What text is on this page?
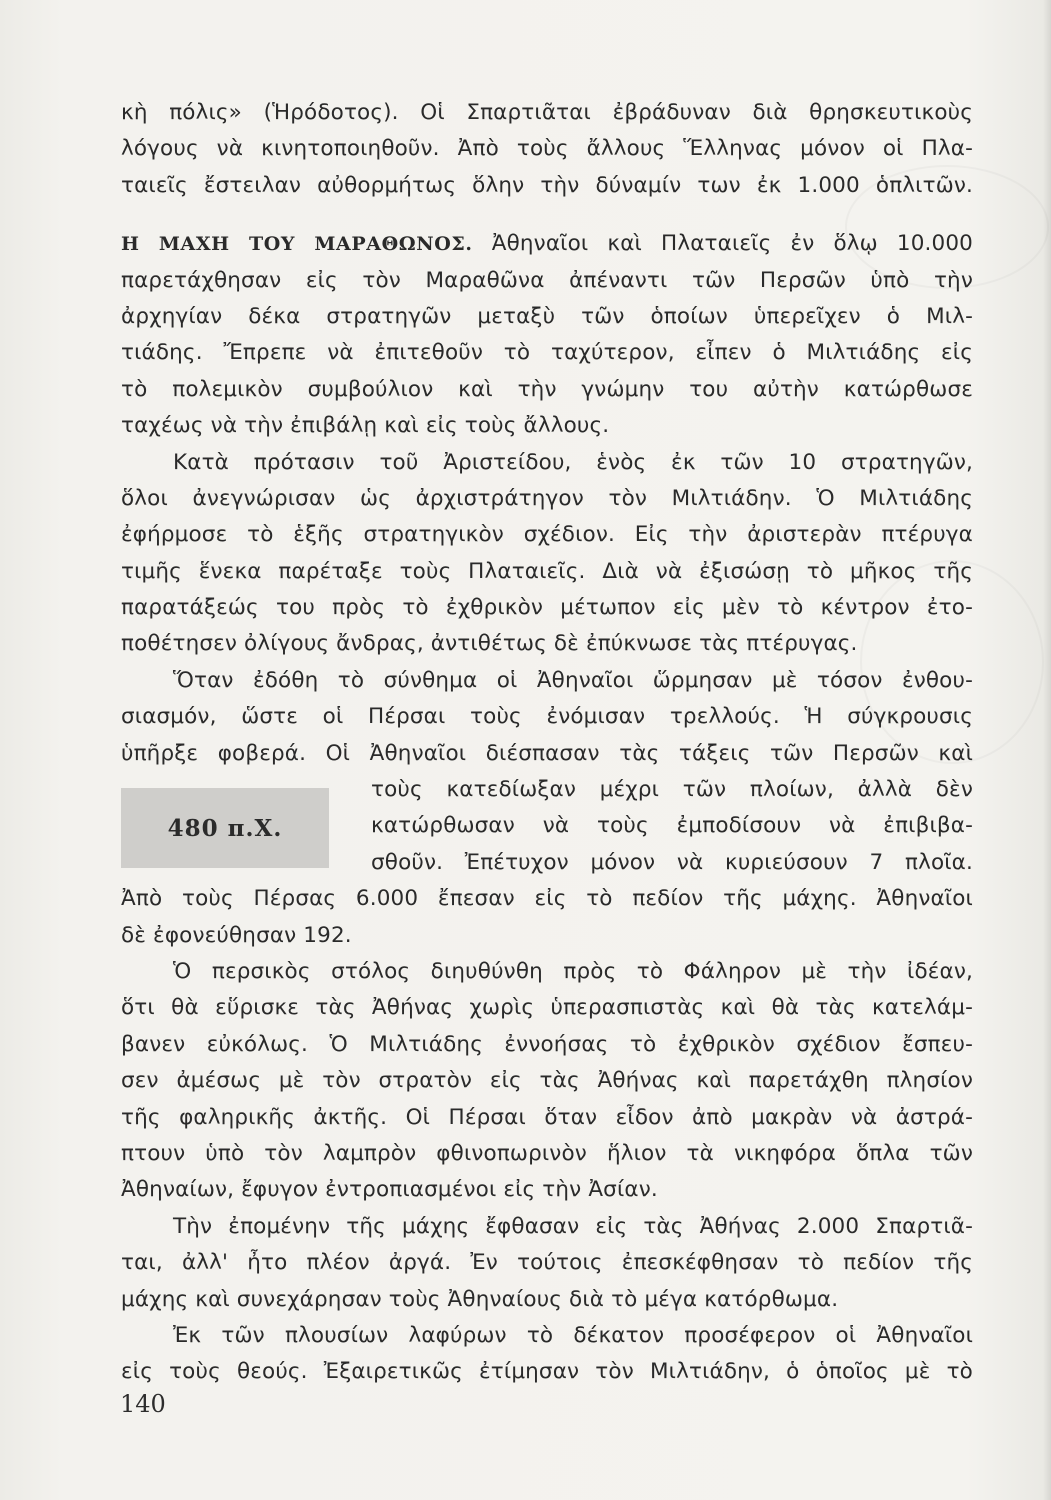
κὴ πόλις» (Ἡρόδοτος). Οἱ Σπαρτιᾶται ἐβράδυναν διὰ θρησκευτικοὺς
λόγους νὰ κινητοποιηθοῦν. Ἀπὸ τοὺς ἄλλους Ἕλληνας μόνον οἱ Πλα-
ταιεῖς ἔστειλαν αὐθορμήτως ὅλην τὴν δύναμίν των ἐκ 1.000 ὁπλιτῶν.
Η ΜΑΧΗ ΤΟΥ ΜΑΡΑΘΩΝΟΣ. Ἀθηναῖοι καὶ Πλαταιεῖς ἐν ὅλῳ 10.000
παρετάχθησαν εἰς τὸν Μαραθῶνα ἀπέναντι τῶν Περσῶν ὑπὸ τὴν
ἀρχηγίαν δέκα στρατηγῶν μεταξὺ τῶν ὁποίων ὑπερεῖχεν ὁ Μιλ-
τιάδης. Ἔπρεπε νὰ ἐπιτεθοῦν τὸ ταχύτερον, εἶπεν ὁ Μιλτιάδης εἰς
τὸ πολεμικὸν συμβούλιον καὶ τὴν γνώμην του αὐτὴν κατώρθωσε
ταχέως νὰ τὴν ἐπιβάλῃ καὶ εἰς τοὺς ἄλλους.
Κατὰ πρότασιν τοῦ Ἀριστείδου, ἑνὸς ἐκ τῶν 10 στρατηγῶν,
ὅλοι ἀνεγνώρισαν ὡς ἀρχιστράτηγον τὸν Μιλτιάδην. Ὁ Μιλτιάδης
ἐφήρμοσε τὸ ἑξῆς στρατηγικὸν σχέδιον. Εἰς τὴν ἀριστερὰν πτέρυγα
τιμῆς ἕνεκα παρέταξε τοὺς Πλαταιεῖς. Διὰ νὰ ἐξισώσῃ τὸ μῆκος τῆς
παρατάξεώς του πρὸς τὸ ἐχθρικὸν μέτωπον εἰς μὲν τὸ κέντρον ἐτο-
ποθέτησεν ὀλίγους ἄνδρας, ἀντιθέτως δὲ ἐπύκνωσε τὰς πτέρυγας.
Ὅταν ἐδόθη τὸ σύνθημα οἱ Ἀθηναῖοι ὥρμησαν μὲ τόσον ἐνθου-
σιασμόν, ὥστε οἱ Πέρσαι τοὺς ἐνόμισαν τρελλούς. Ἡ σύγκρουσις
ὑπῆρξε φοβερά. Οἱ Ἀθηναῖοι διέσπασαν τὰς τάξεις τῶν Περσῶν καὶ
τοὺς κατεδίωξαν μέχρι τῶν πλοίων, ἀλλὰ δὲν
κατώρθωσαν νὰ τοὺς ἐμποδίσουν νὰ ἐπιβιβα-
σθοῦν. Ἐπέτυχον μόνον νὰ κυριεύσουν 7 πλοῖα.
Ἀπὸ τοὺς Πέρσας 6.000 ἔπεσαν εἰς τὸ πεδίον τῆς μάχης. Ἀθηναῖοι
δὲ ἐφονεύθησαν 192.
Ὁ περσικὸς στόλος διηυθύνθη πρὸς τὸ Φάληρον μὲ τὴν ἰδέαν,
ὅτι θὰ εὕρισκε τὰς Ἀθήνας χωρὶς ὑπερασπιστὰς καὶ θὰ τὰς κατελάμ-
βανεν εὐκόλως. Ὁ Μιλτιάδης ἐννοήσας τὸ ἐχθρικὸν σχέδιον ἔσπευ-
σεν ἀμέσως μὲ τὸν στρατὸν εἰς τὰς Ἀθήνας καὶ παρετάχθη πλησίον
τῆς φαληρικῆς ἀκτῆς. Οἱ Πέρσαι ὅταν εἶδον ἀπὸ μακρὰν νὰ ἀστρά-
πτουν ὑπὸ τὸν λαμπρὸν φθινοπωρινὸν ἥλιον τὰ νικηφόρα ὅπλα τῶν
Ἀθηναίων, ἔφυγον ἐντροπιασμένοι εἰς τὴν Ἀσίαν.
Τὴν ἐπομένην τῆς μάχης ἔφθασαν εἰς τὰς Ἀθήνας 2.000 Σπαρτιᾶ-
ται, ἀλλ' ἦτο πλέον ἀργά. Ἐν τούτοις ἐπεσκέφθησαν τὸ πεδίον τῆς
μάχης καὶ συνεχάρησαν τοὺς Ἀθηναίους διὰ τὸ μέγα κατόρθωμα.
Ἐκ τῶν πλουσίων λαφύρων τὸ δέκατον προσέφερον οἱ Ἀθηναῖοι
εἰς τοὺς θεούς. Ἐξαιρετικῶς ἐτίμησαν τὸν Μιλτιάδην, ὁ ὁποῖος μὲ τὸ
480 π.Χ.
140
